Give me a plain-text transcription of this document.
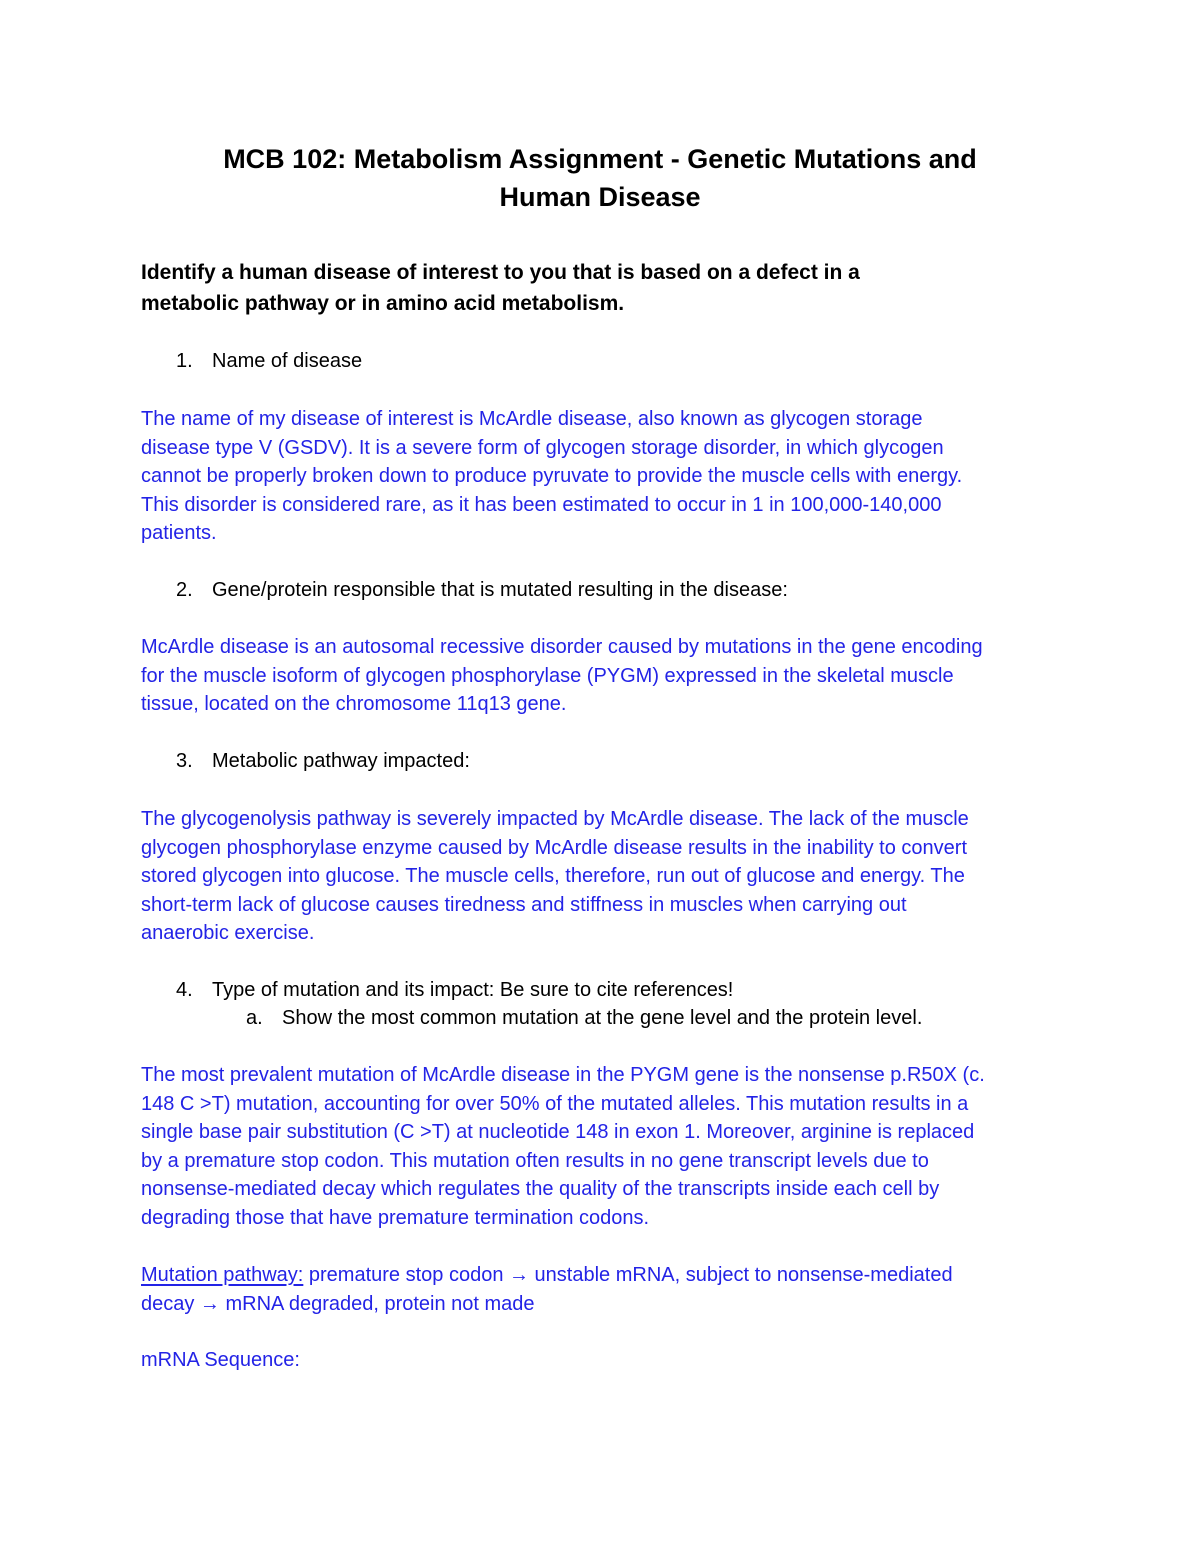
MCB 102: Metabolism Assignment - Genetic Mutations and
Human Disease

Identify a human disease of interest to you that is based on a defect in a
metabolic pathway or in amino acid metabolism.

1. Name of disease

The name of my disease of interest is McArdle disease, also known as glycogen storage
disease type V (GSDV). It is a severe form of glycogen storage disorder, in which glycogen
cannot be properly broken down to produce pyruvate to provide the muscle cells with energy.
This disorder is considered rare, as it has been estimated to occur in 1 in 100,000-140,000
patients.

2. Gene/protein responsible that is mutated resulting in the disease:

McArdle disease is an autosomal recessive disorder caused by mutations in the gene encoding
for the muscle isoform of glycogen phosphorylase (PYGM) expressed in the skeletal muscle
tissue, located on the chromosome 11q13 gene.

3. Metabolic pathway impacted:

The glycogenolysis pathway is severely impacted by McArdle disease. The lack of the muscle
glycogen phosphorylase enzyme caused by McArdle disease results in the inability to convert
stored glycogen into glucose. The muscle cells, therefore, run out of glucose and energy. The
short-term lack of glucose causes tiredness and stiffness in muscles when carrying out
anaerobic exercise.

4. Type of mutation and its impact: Be sure to cite references!

a. Show the most common mutation at the gene level and the protein level.

The most prevalent mutation of McArdle disease in the PYGM gene is the nonsense p.R50X (c.
148 C >T) mutation, accounting for over 50% of the mutated alleles. This mutation results in a
single base pair substitution (C >T) at nucleotide 148 in exon 1. Moreover, arginine is replaced
by a premature stop codon. This mutation often results in no gene transcript levels due to
nonsense-mediated decay which regulates the quality of the transcripts inside each cell by
degrading those that have premature termination codons.
Mutation pathway: premature stop codon → unstable mRNA, subject to nonsense-mediated
decay → mRNA degraded, protein not made
mRNA Sequence:
